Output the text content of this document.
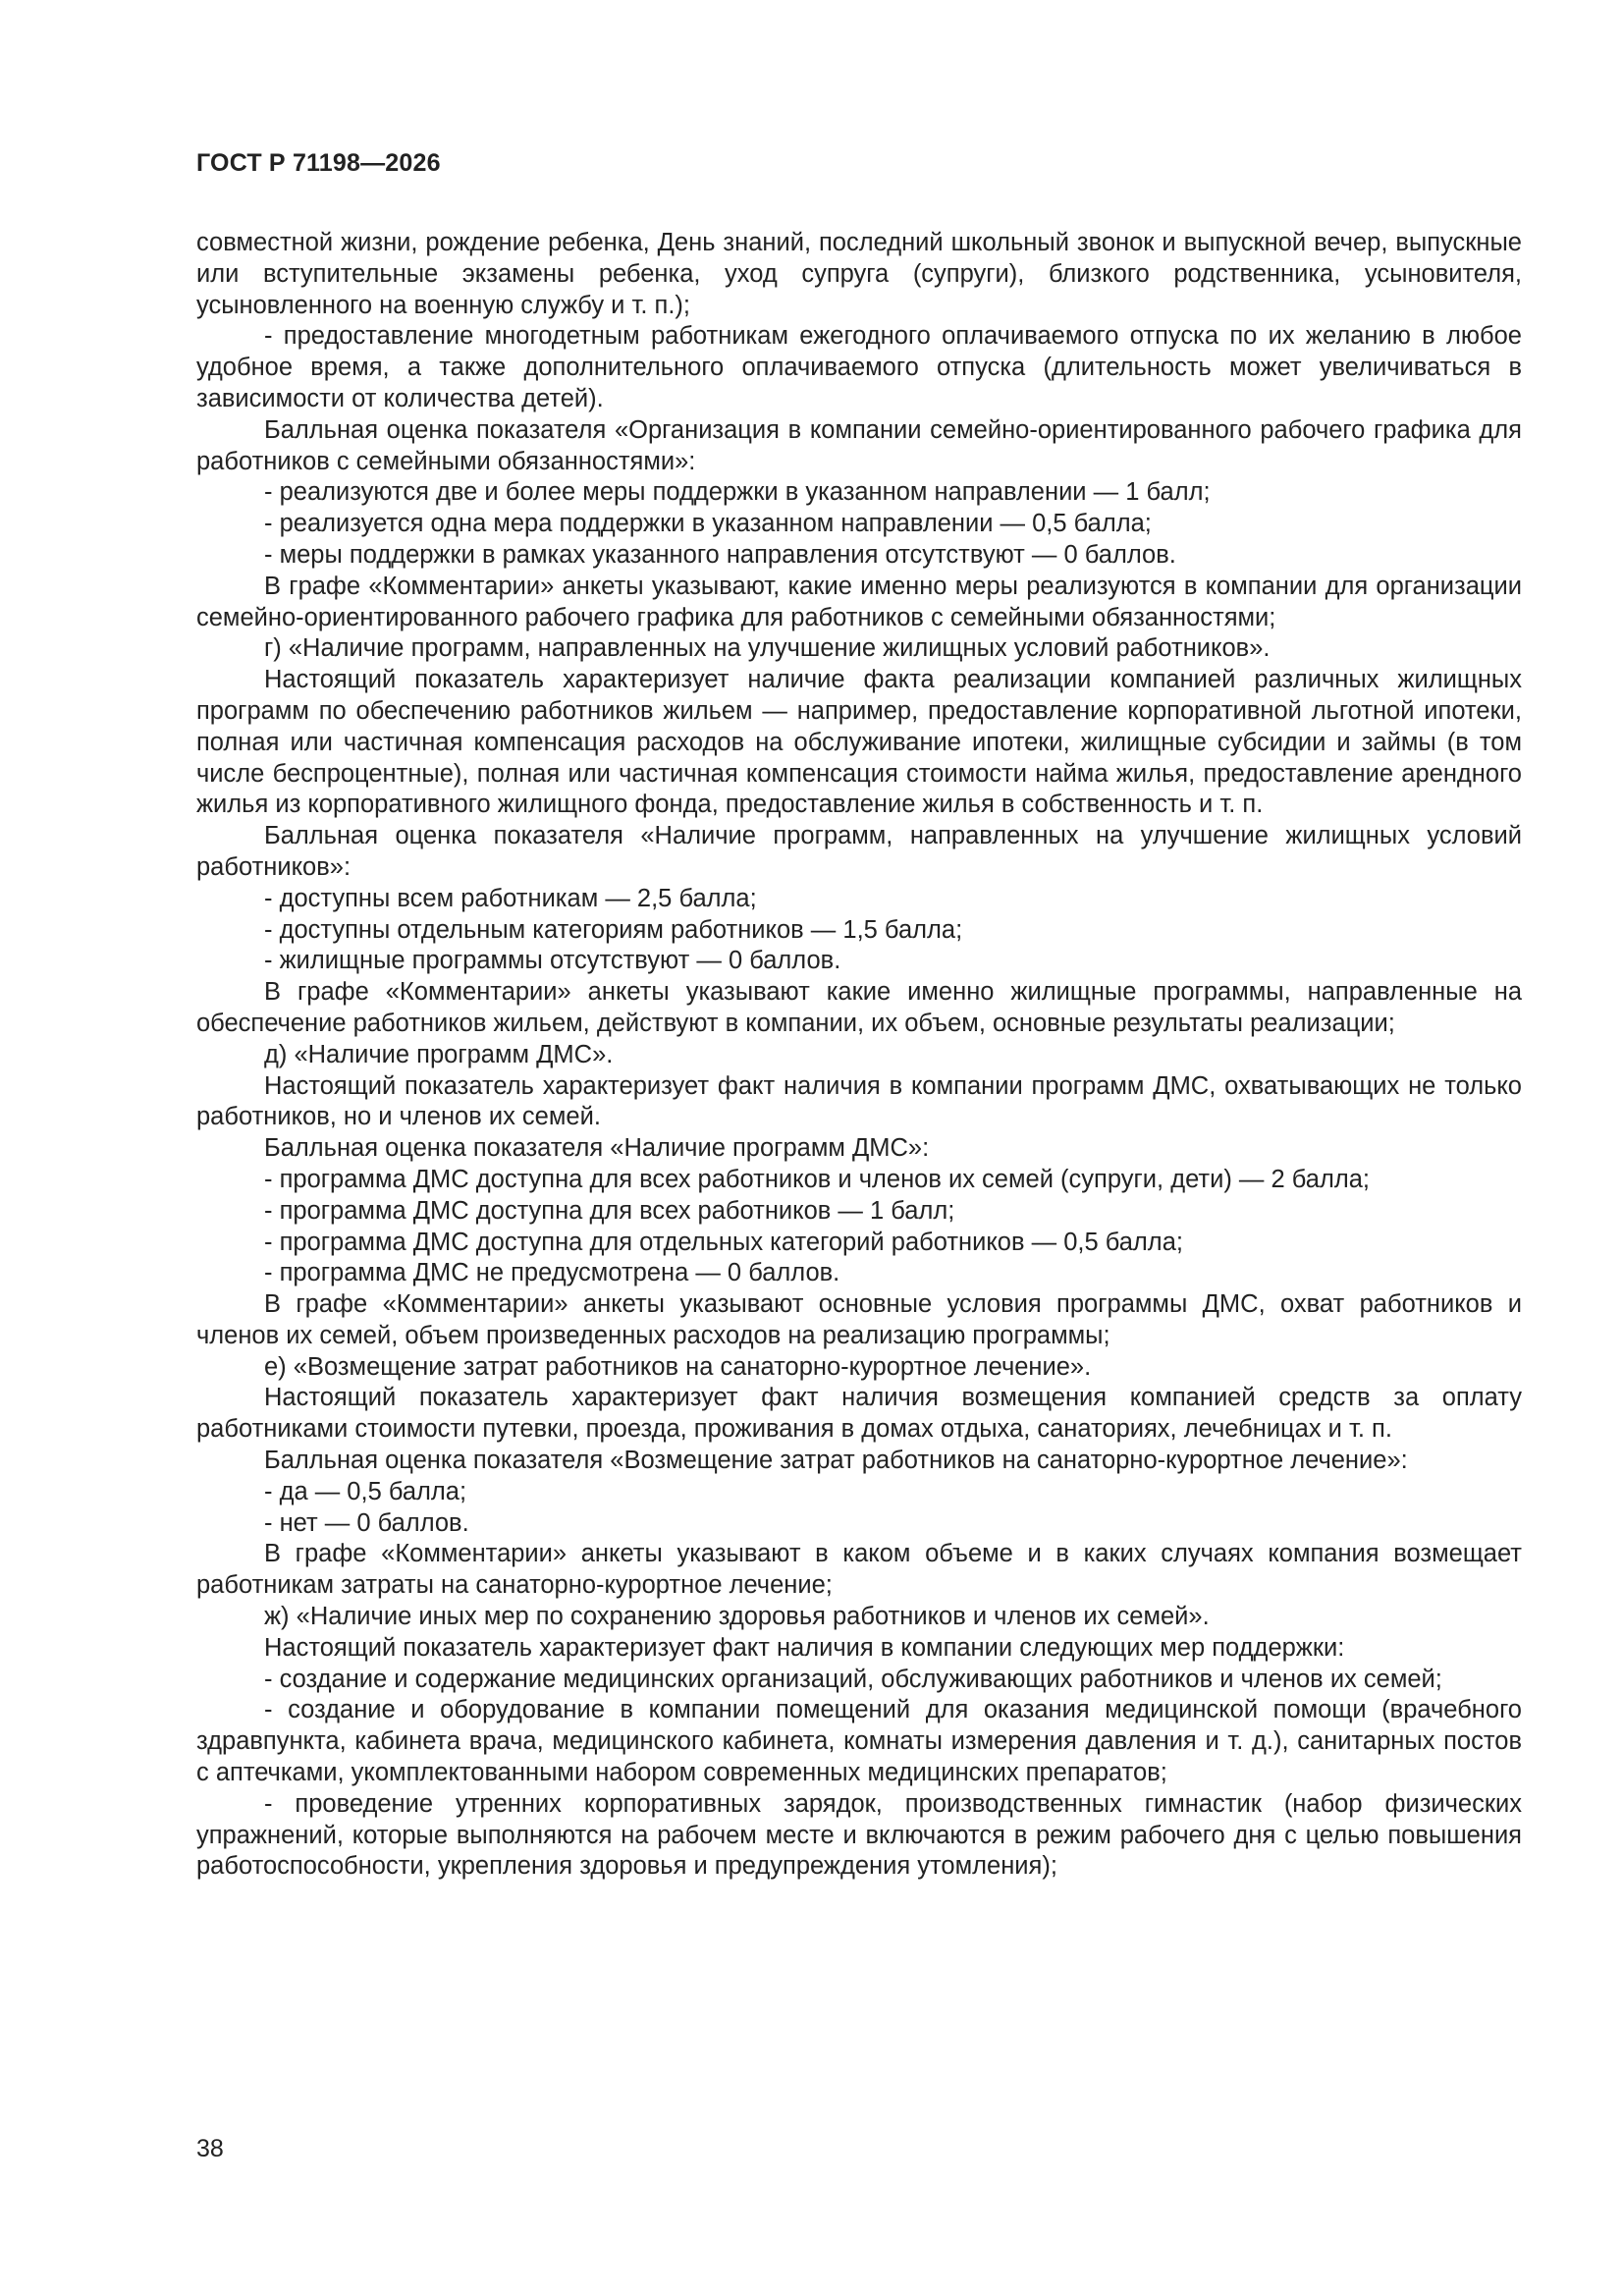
ГОСТ Р 71198—2026

совместной жизни, рождение ребенка, День знаний, последний школьный звонок и выпускной вечер, выпускные или вступительные экзамены ребенка, уход супруга (супруги), близкого родственника, усыновителя, усыновленного на военную службу и т. п.);

- предоставление многодетным работникам ежегодного оплачиваемого отпуска по их желанию в любое удобное время, а также дополнительного оплачиваемого отпуска (длительность может увеличиваться в зависимости от количества детей).

Балльная оценка показателя «Организация в компании семейно-ориентированного рабочего графика для работников с семейными обязанностями»:

- реализуются две и более меры поддержки в указанном направлении — 1 балл;

- реализуется одна мера поддержки в указанном направлении — 0,5 балла;

- меры поддержки в рамках указанного направления отсутствуют — 0 баллов.

В графе «Комментарии» анкеты указывают, какие именно меры реализуются в компании для организации семейно-ориентированного рабочего графика для работников с семейными обязанностями;

г) «Наличие программ, направленных на улучшение жилищных условий работников».

Настоящий показатель характеризует наличие факта реализации компанией различных жилищных программ по обеспечению работников жильем — например, предоставление корпоративной льготной ипотеки, полная или частичная компенсация расходов на обслуживание ипотеки, жилищные субсидии и займы (в том числе беспроцентные), полная или частичная компенсация стоимости найма жилья, предоставление арендного жилья из корпоративного жилищного фонда, предоставление жилья в собственность и т. п.

Балльная оценка показателя «Наличие программ, направленных на улучшение жилищных условий работников»:

- доступны всем работникам — 2,5 балла;

- доступны отдельным категориям работников — 1,5 балла;

- жилищные программы отсутствуют — 0 баллов.

В графе «Комментарии» анкеты указывают какие именно жилищные программы, направленные на обеспечение работников жильем, действуют в компании, их объем, основные результаты реализации;

д) «Наличие программ ДМС».

Настоящий показатель характеризует факт наличия в компании программ ДМС, охватывающих не только работников, но и членов их семей.

Балльная оценка показателя «Наличие программ ДМС»:

- программа ДМС доступна для всех работников и членов их семей (супруги, дети) — 2 балла;

- программа ДМС доступна для всех работников — 1 балл;

- программа ДМС доступна для отдельных категорий работников — 0,5 балла;

- программа ДМС не предусмотрена — 0 баллов.

В графе «Комментарии» анкеты указывают основные условия программы ДМС, охват работников и членов их семей, объем произведенных расходов на реализацию программы;

е) «Возмещение затрат работников на санаторно-курортное лечение».

Настоящий показатель характеризует факт наличия возмещения компанией средств за оплату работниками стоимости путевки, проезда, проживания в домах отдыха, санаториях, лечебницах и т. п.

Балльная оценка показателя «Возмещение затрат работников на санаторно-курортное лечение»:

- да — 0,5 балла;

- нет — 0 баллов.

В графе «Комментарии» анкеты указывают в каком объеме и в каких случаях компания возмещает работникам затраты на санаторно-курортное лечение;

ж) «Наличие иных мер по сохранению здоровья работников и членов их семей».

Настоящий показатель характеризует факт наличия в компании следующих мер поддержки:

- создание и содержание медицинских организаций, обслуживающих работников и членов их семей;

- создание и оборудование в компании помещений для оказания медицинской помощи (врачебного здравпункта, кабинета врача, медицинского кабинета, комнаты измерения давления и т. д.), санитарных постов с аптечками, укомплектованными набором современных медицинских препаратов;

- проведение утренних корпоративных зарядок, производственных гимнастик (набор физических упражнений, которые выполняются на рабочем месте и включаются в режим рабочего дня с целью повышения работоспособности, укрепления здоровья и предупреждения утомления);

38
